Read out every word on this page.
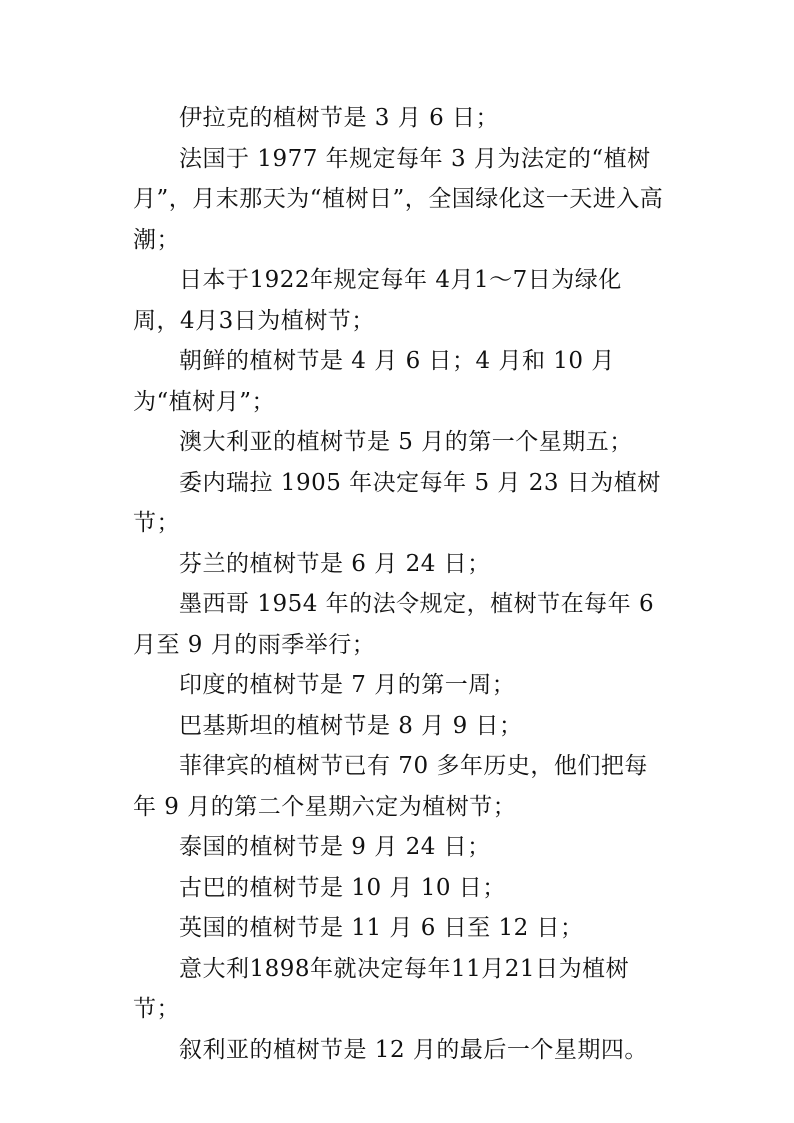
伊拉克的植树节是 3 月 6 日；

法国于 1977 年规定每年 3 月为法定的“植树月”，月末那天为“植树日”，全国绿化这一天进入高潮；

日本于1922年规定每年 4月1～7日为绿化周，4月3日为植树节；

朝鲜的植树节是 4 月 6 日；4 月和 10 月为“植树月”；

澳大利亚的植树节是 5 月的第一个星期五；

委内瑞拉 1905 年决定每年 5 月 23 日为植树节；

芬兰的植树节是 6 月 24 日；

墨西哥 1954 年的法令规定，植树节在每年 6 月至 9 月的雨季举行；

印度的植树节是 7 月的第一周；

巴基斯坦的植树节是 8 月 9 日；

菲律宾的植树节已有 70 多年历史，他们把每年 9 月的第二个星期六定为植树节；

泰国的植树节是 9 月 24 日；

古巴的植树节是 10 月 10 日；

英国的植树节是 11 月 6 日至 12 日；

意大利1898年就决定每年11月21日为植树节；

叙利亚的植树节是 12 月的最后一个星期四。
